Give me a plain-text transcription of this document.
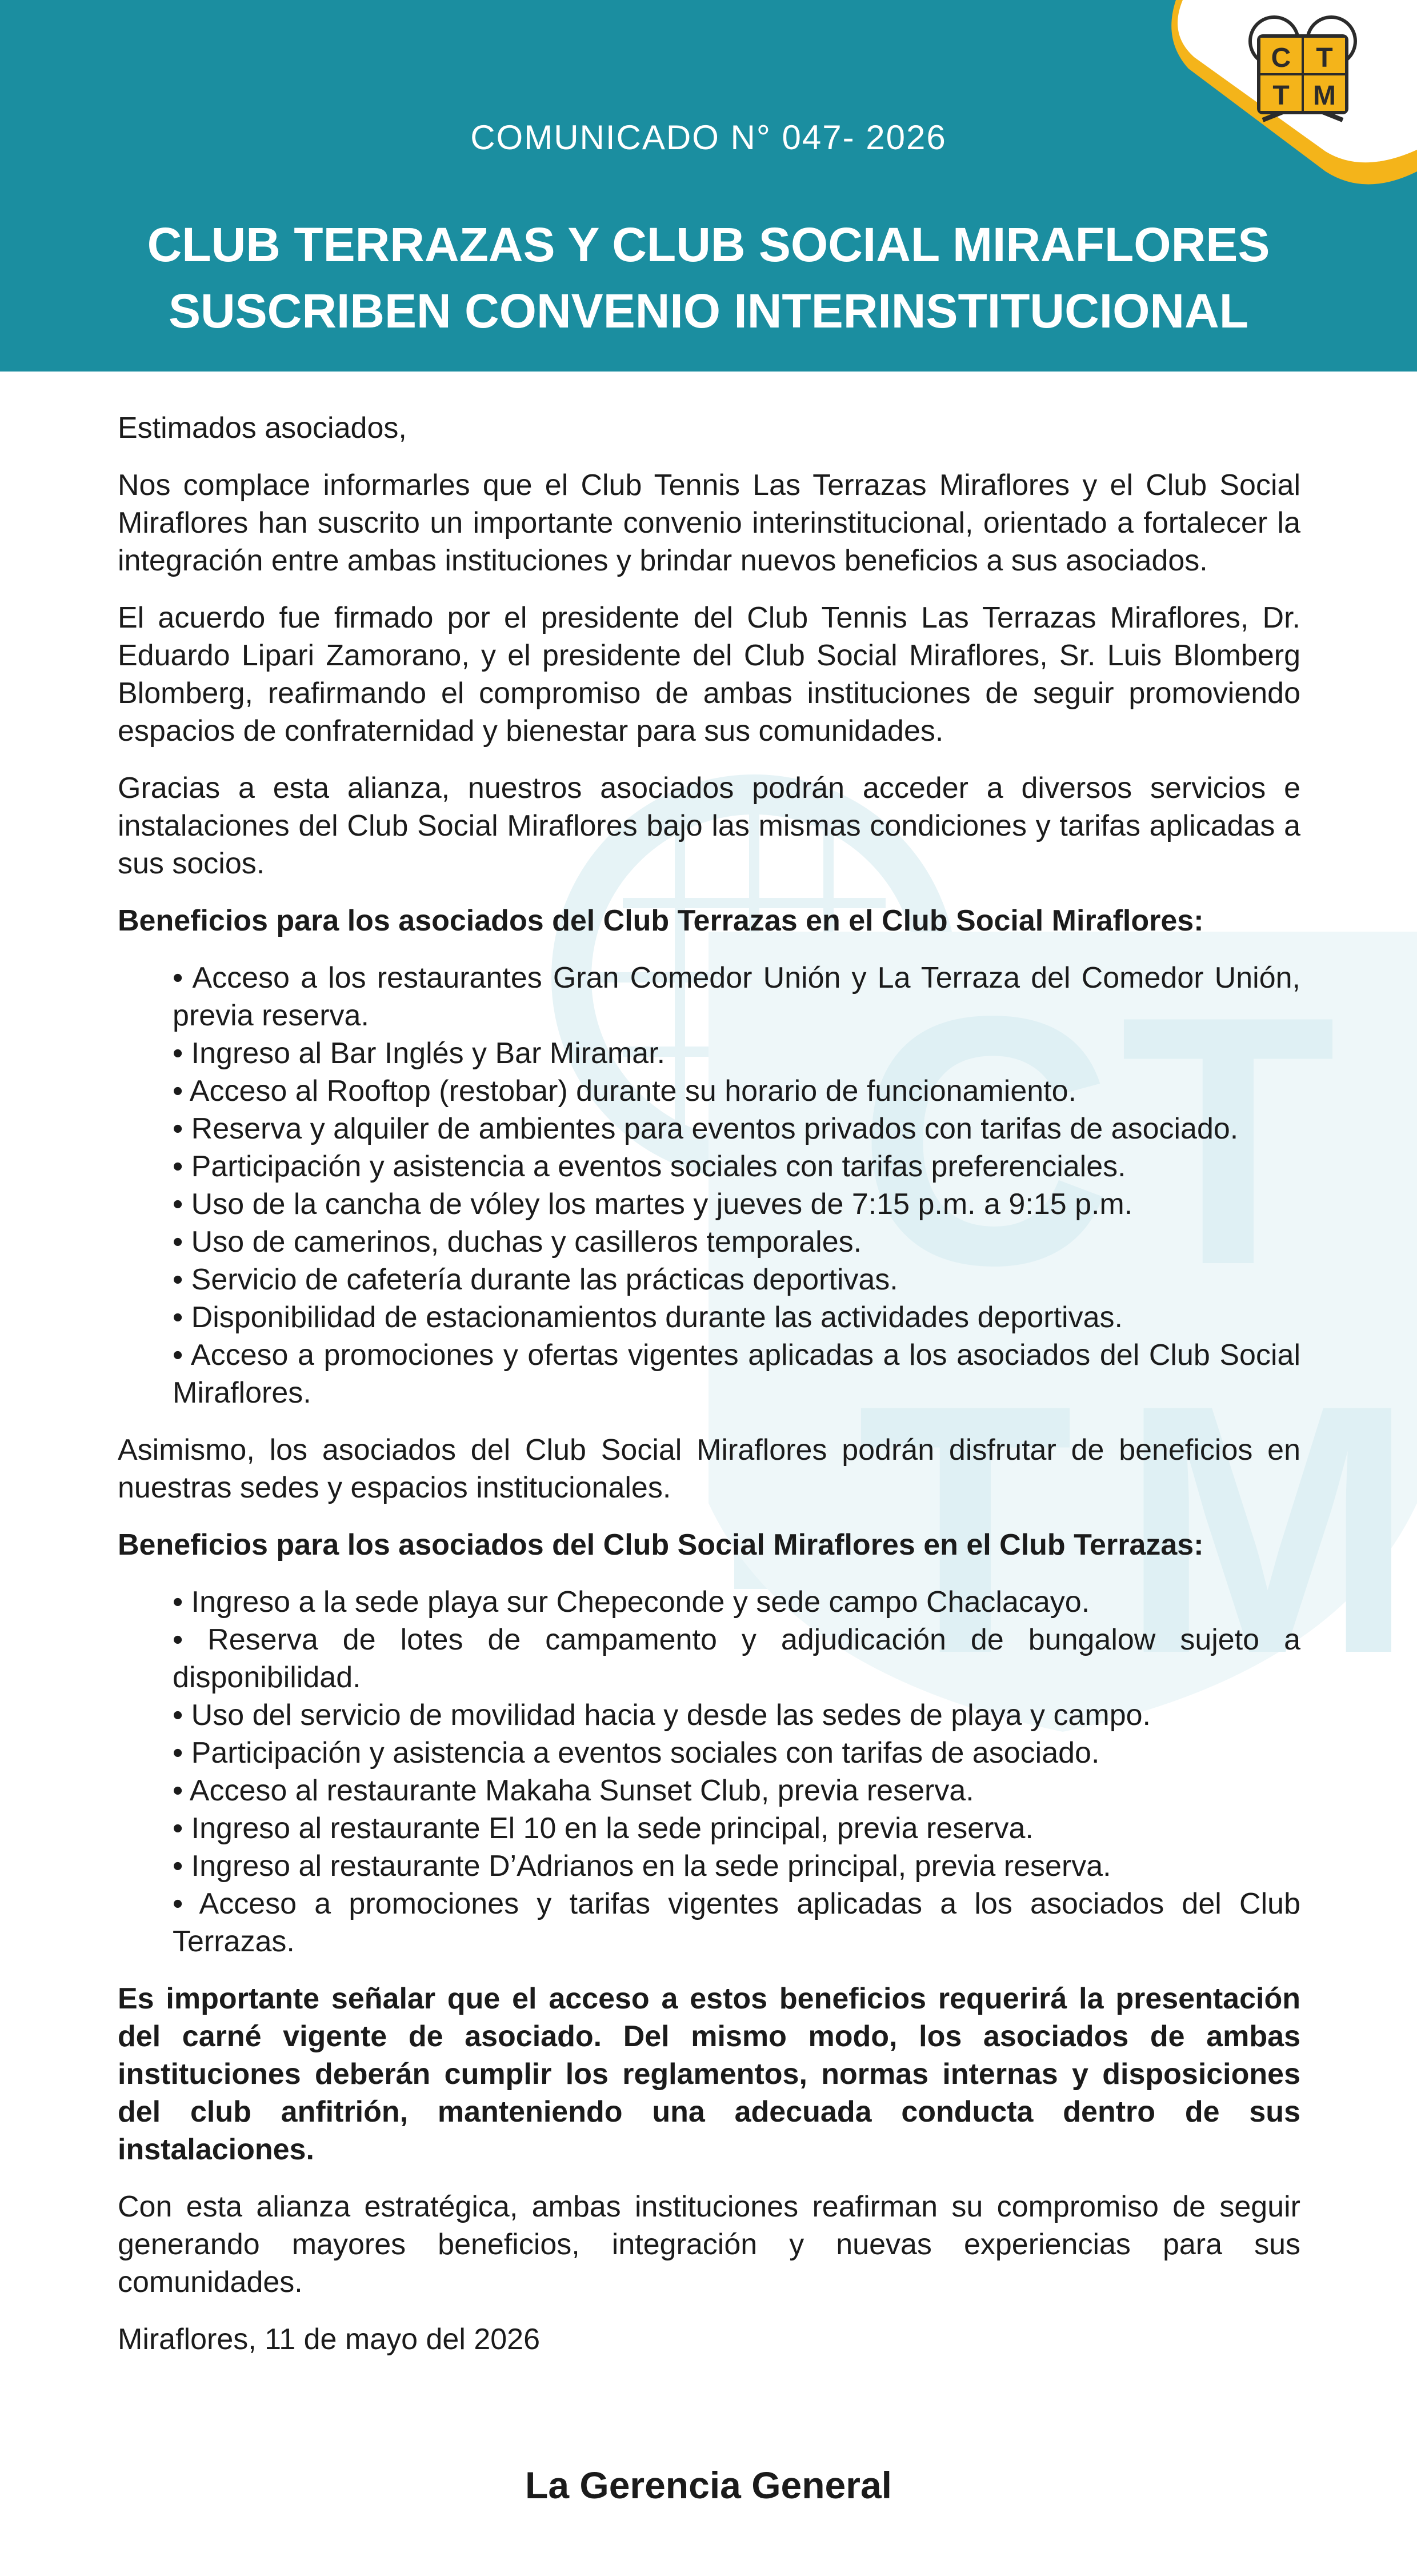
C T
T M
C T
T M
COMUNICADO N° 047- 2026
CLUB TERRAZAS Y CLUB SOCIAL MIRAFLORES
SUSCRIBEN CONVENIO INTERINSTITUCIONAL

Estimados asociados,

Nos complace informarles que el Club Tennis Las Terrazas Miraflores y el Club Social Miraflores han suscrito un importante convenio interinstitucional, orientado a fortalecer la integración entre ambas instituciones y brindar nuevos beneficios a sus asociados.

El acuerdo fue firmado por el presidente del Club Tennis Las Terrazas Miraflores, Dr. Eduardo Lipari Zamorano, y el presidente del Club Social Miraflores, Sr. Luis Blomberg Blomberg, reafirmando el compromiso de ambas instituciones de seguir promoviendo espacios de confraternidad y bienestar para sus comunidades.

Gracias a esta alianza, nuestros asociados podrán acceder a diversos servicios e instalaciones del Club Social Miraflores bajo las mismas condiciones y tarifas aplicadas a sus socios.

Beneficios para los asociados del Club Terrazas en el Club Social Miraflores:

• Acceso a los restaurantes Gran Comedor Unión y La Terraza del Comedor Unión, previa reserva.
• Ingreso al Bar Inglés y Bar Miramar.
• Acceso al Rooftop (restobar) durante su horario de funcionamiento.
• Reserva y alquiler de ambientes para eventos privados con tarifas de asociado.
• Participación y asistencia a eventos sociales con tarifas preferenciales.
• Uso de la cancha de vóley los martes y jueves de 7:15 p.m. a 9:15 p.m.
• Uso de camerinos, duchas y casilleros temporales.
• Servicio de cafetería durante las prácticas deportivas.
• Disponibilidad de estacionamientos durante las actividades deportivas.
• Acceso a promociones y ofertas vigentes aplicadas a los asociados del Club Social Miraflores.

Asimismo, los asociados del Club Social Miraflores podrán disfrutar de beneficios en nuestras sedes y espacios institucionales.

Beneficios para los asociados del Club Social Miraflores en el Club Terrazas:

• Ingreso a la sede playa sur Chepeconde y sede campo Chaclacayo.
• Reserva de lotes de campamento y adjudicación de bungalow sujeto a disponibilidad.
• Uso del servicio de movilidad hacia y desde las sedes de playa y campo.
• Participación y asistencia a eventos sociales con tarifas de asociado.
• Acceso al restaurante Makaha Sunset Club, previa reserva.
• Ingreso al restaurante El 10 en la sede principal, previa reserva.
• Ingreso al restaurante D’Adrianos en la sede principal, previa reserva.
• Acceso a promociones y tarifas vigentes aplicadas a los asociados del Club Terrazas.

Es importante señalar que el acceso a estos beneficios requerirá la presentación del carné vigente de asociado. Del mismo modo, los asociados de ambas instituciones deberán cumplir los reglamentos, normas internas y disposiciones del club anfitrión, manteniendo una adecuada conducta dentro de sus instalaciones.

Con esta alianza estratégica, ambas instituciones reafirman su compromiso de seguir generando mayores beneficios, integración y nuevas experiencias para sus comunidades.

Miraflores, 11 de mayo del 2026

La Gerencia General
